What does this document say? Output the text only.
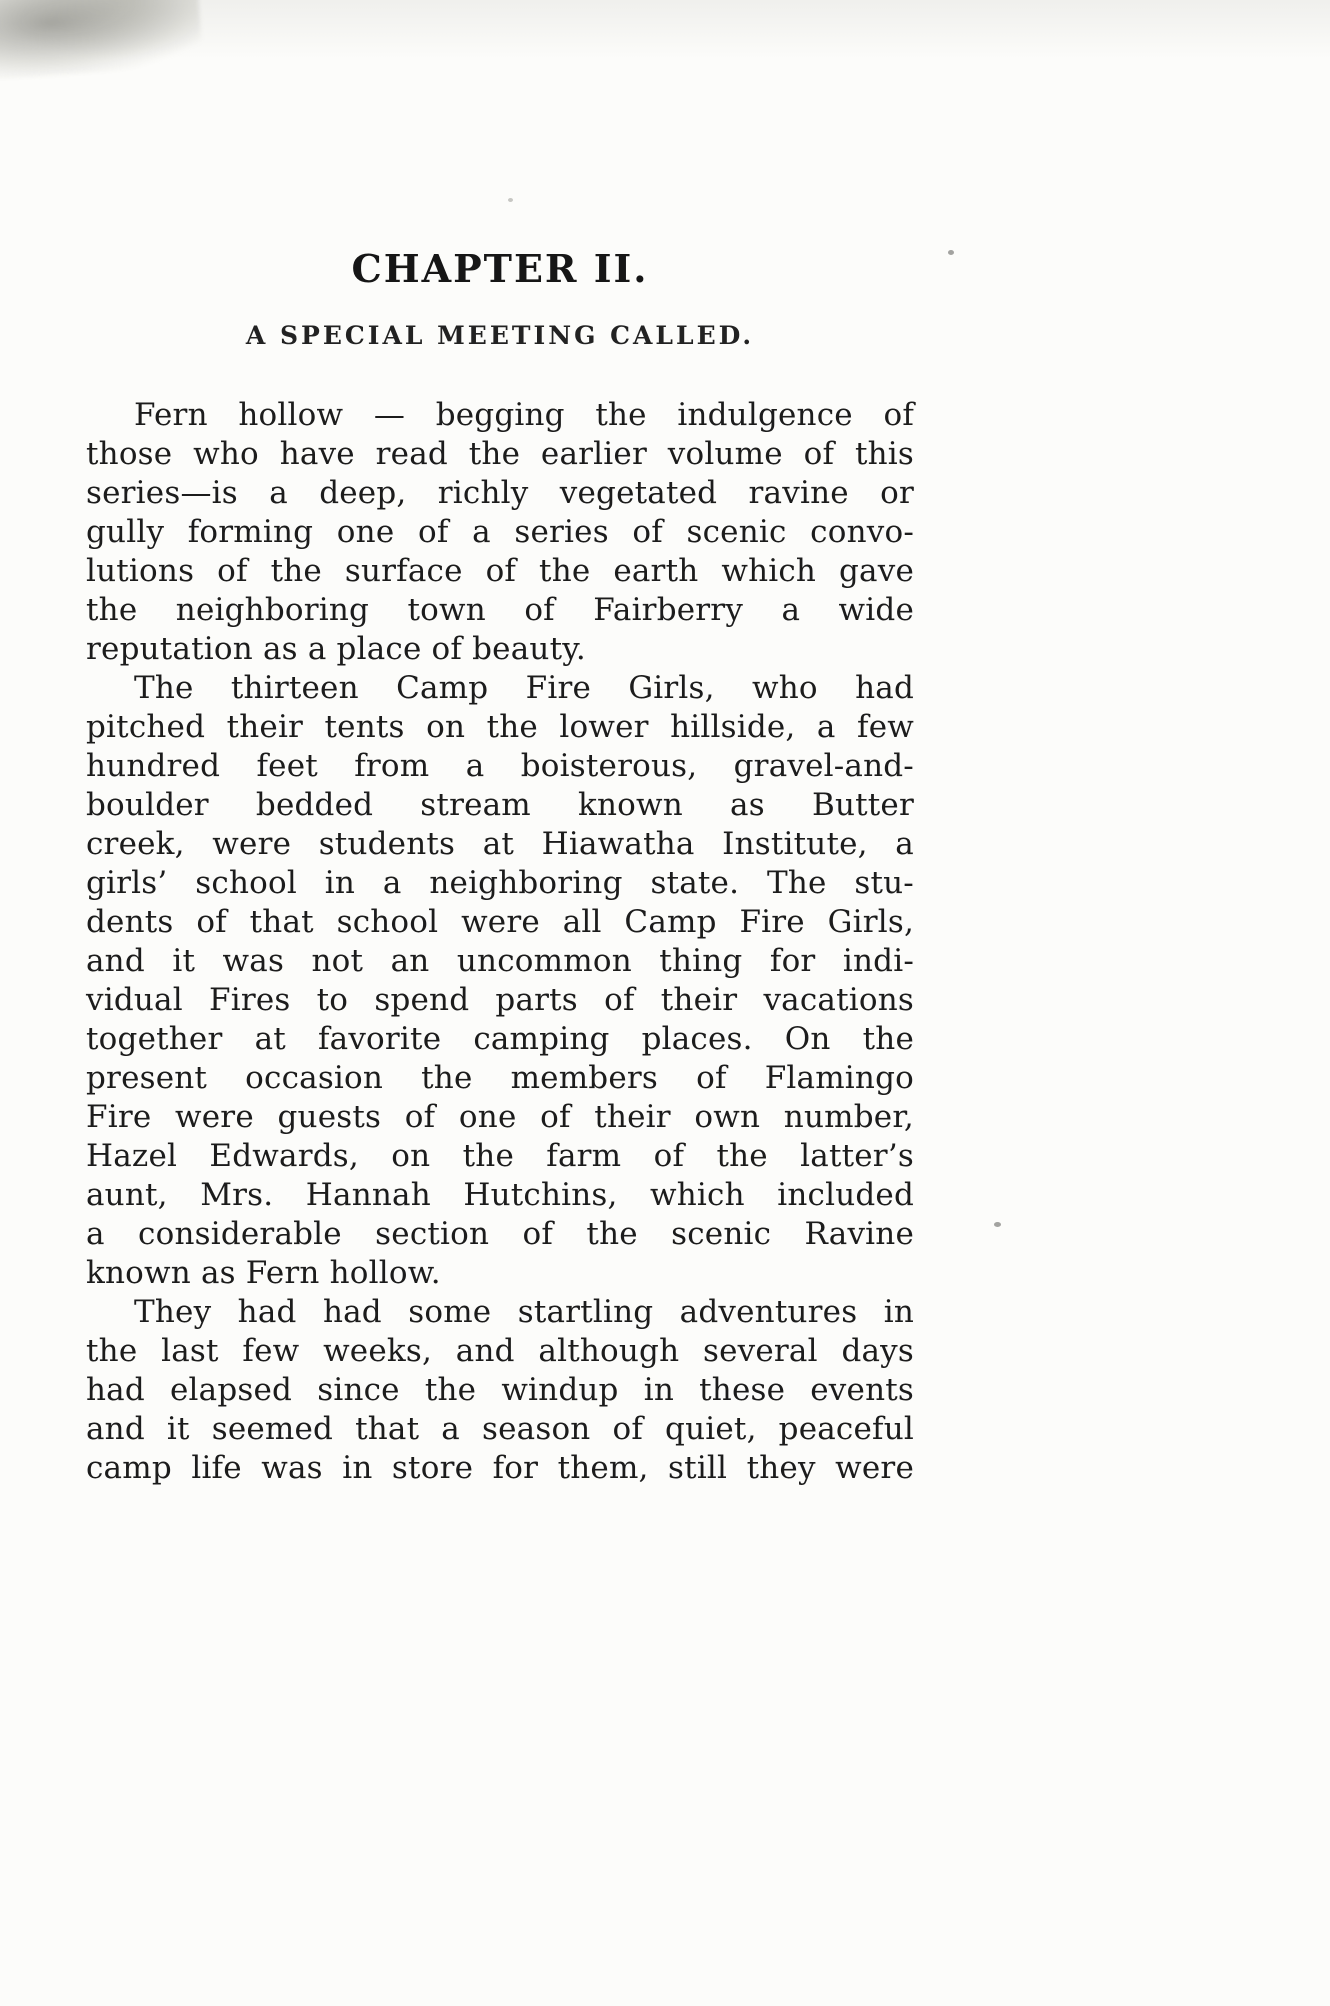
CHAPTER II.
A SPECIAL MEETING CALLED.

Fern hollow — begging the indulgence of
those who have read the earlier volume of this
series—is a deep, richly vegetated ravine or
gully forming one of a series of scenic convo-
lutions of the surface of the earth which gave
the neighboring town of Fairberry a wide
reputation as a place of beauty.

The thirteen Camp Fire Girls, who had
pitched their tents on the lower hillside, a few
hundred feet from a boisterous, gravel-and-
boulder bedded stream known as Butter
creek, were students at Hiawatha Institute, a
girls’ school in a neighboring state. The stu-
dents of that school were all Camp Fire Girls,
and it was not an uncommon thing for indi-
vidual Fires to spend parts of their vacations
together at favorite camping places. On the
present occasion the members of Flamingo
Fire were guests of one of their own number,
Hazel Edwards, on the farm of the latter’s
aunt, Mrs. Hannah Hutchins, which included
a considerable section of the scenic Ravine
known as Fern hollow.

They had had some startling adventures in
the last few weeks, and although several days
had elapsed since the windup in these events
and it seemed that a season of quiet, peaceful
camp life was in store for them, still they were
